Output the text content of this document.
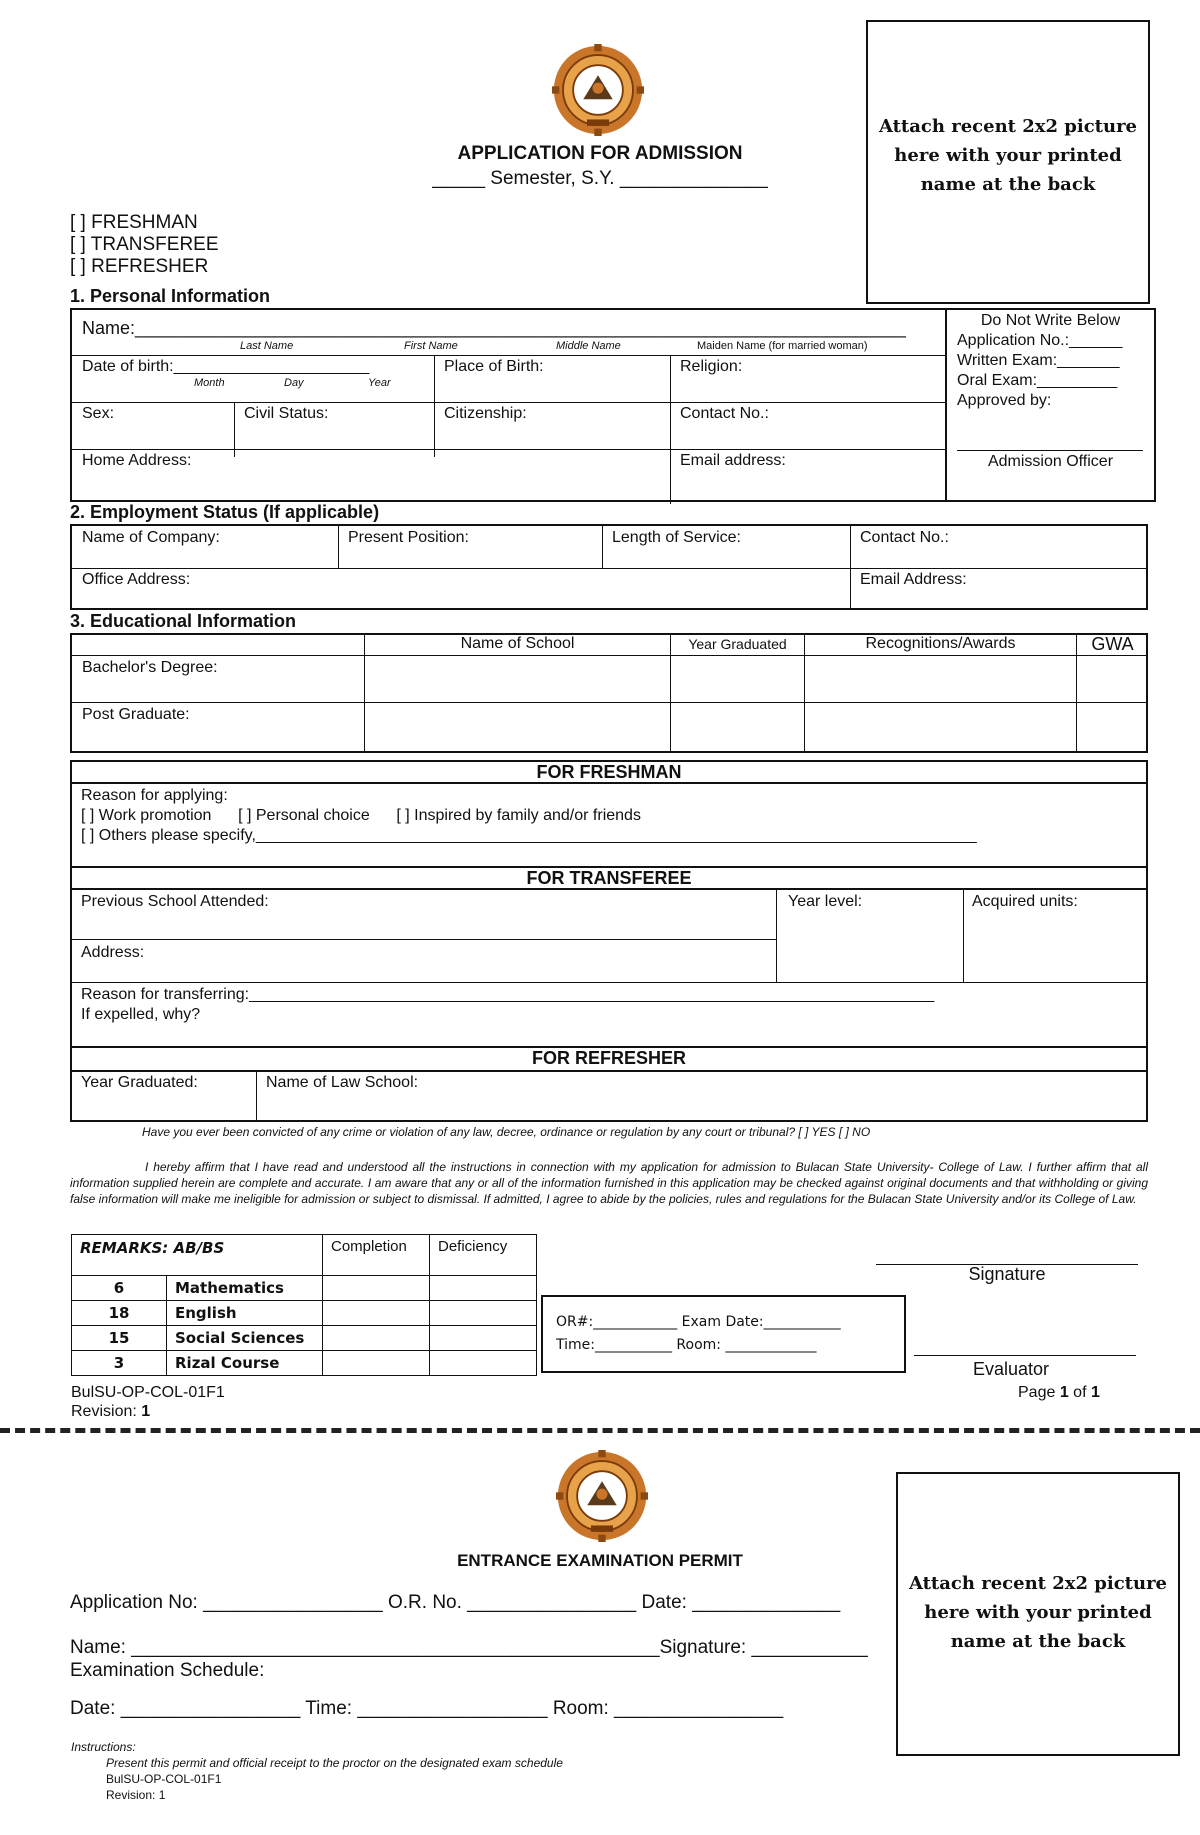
APPLICATION FOR ADMISSION
_____ Semester, S.Y. ______________
Attach recent 2x2 picture here with your printed name at the back
[ ] FRESHMAN
[ ] TRANSFEREE
[ ] REFRESHER
1. Personal Information
Name:_____________________________________________________________________________
Last Name	First Name	Middle Name	Maiden Name (for married woman)
Date of birth:______________________
Month	Day	Year
Place of Birth:	Religion:
Sex:	Civil Status:	Citizenship:	Contact No.:
Home Address:	Email address:
Do Not Write Below
Application No.:______
Written Exam:_______
Oral Exam:_________
Approved by:
Admission Officer
2. Employment Status (If applicable)
Name of Company:	Present Position:	Length of Service:	Contact No.:
Office Address:	Email Address:
3. Educational Information
Name of School	Year Graduated	Recognitions/Awards	GWA
Bachelor's Degree:
Post Graduate:
FOR FRESHMAN
Reason for applying:
[ ] Work promotion      [ ] Personal choice      [ ] Inspired by family and/or friends
[ ] Others please specify,_________________________________________________________________________________
FOR TRANSFEREE
Previous School Attended:	Year level:	Acquired units:
Address:
Reason for transferring:_____________________________________________________________________________
If expelled, why?
FOR REFRESHER
Year Graduated:	Name of Law School:
Have you ever been convicted of any crime or violation of any law, decree, ordinance or regulation by any court or tribunal? [ ] YES [ ] NO
I hereby affirm that I have read and understood all the instructions in connection with my application for admission to Bulacan State University- College of Law. I further affirm that all information supplied herein are complete and accurate. I am aware that any or all of the information furnished in this application may be checked against original documents and that withholding or giving false information will make me ineligible for admission or subject to dismissal. If admitted, I agree to abide by the policies, rules and regulations for the Bulacan State University and/or its College of Law.
REMARKS: AB/BS		Completion	Deficiency
6	Mathematics		
18	English		
15	Social Sciences		
3	Rizal Course		
OR#:____________ Exam Date:___________
Time:___________ Room: _____________
Signature
Evaluator
BulSU-OP-COL-01F1
Revision: 1
Page 1 of 1
ENTRANCE EXAMINATION PERMIT
Attach recent 2x2 picture here with your printed name at the back
Application No: _________________ O.R. No. ________________ Date: ______________
Name: __________________________________________________Signature: ___________
Examination Schedule:
Date: _________________ Time: __________________ Room: ________________
Instructions:
Present this permit and official receipt to the proctor on the designated exam schedule
BulSU-OP-COL-01F1
Revision: 1
